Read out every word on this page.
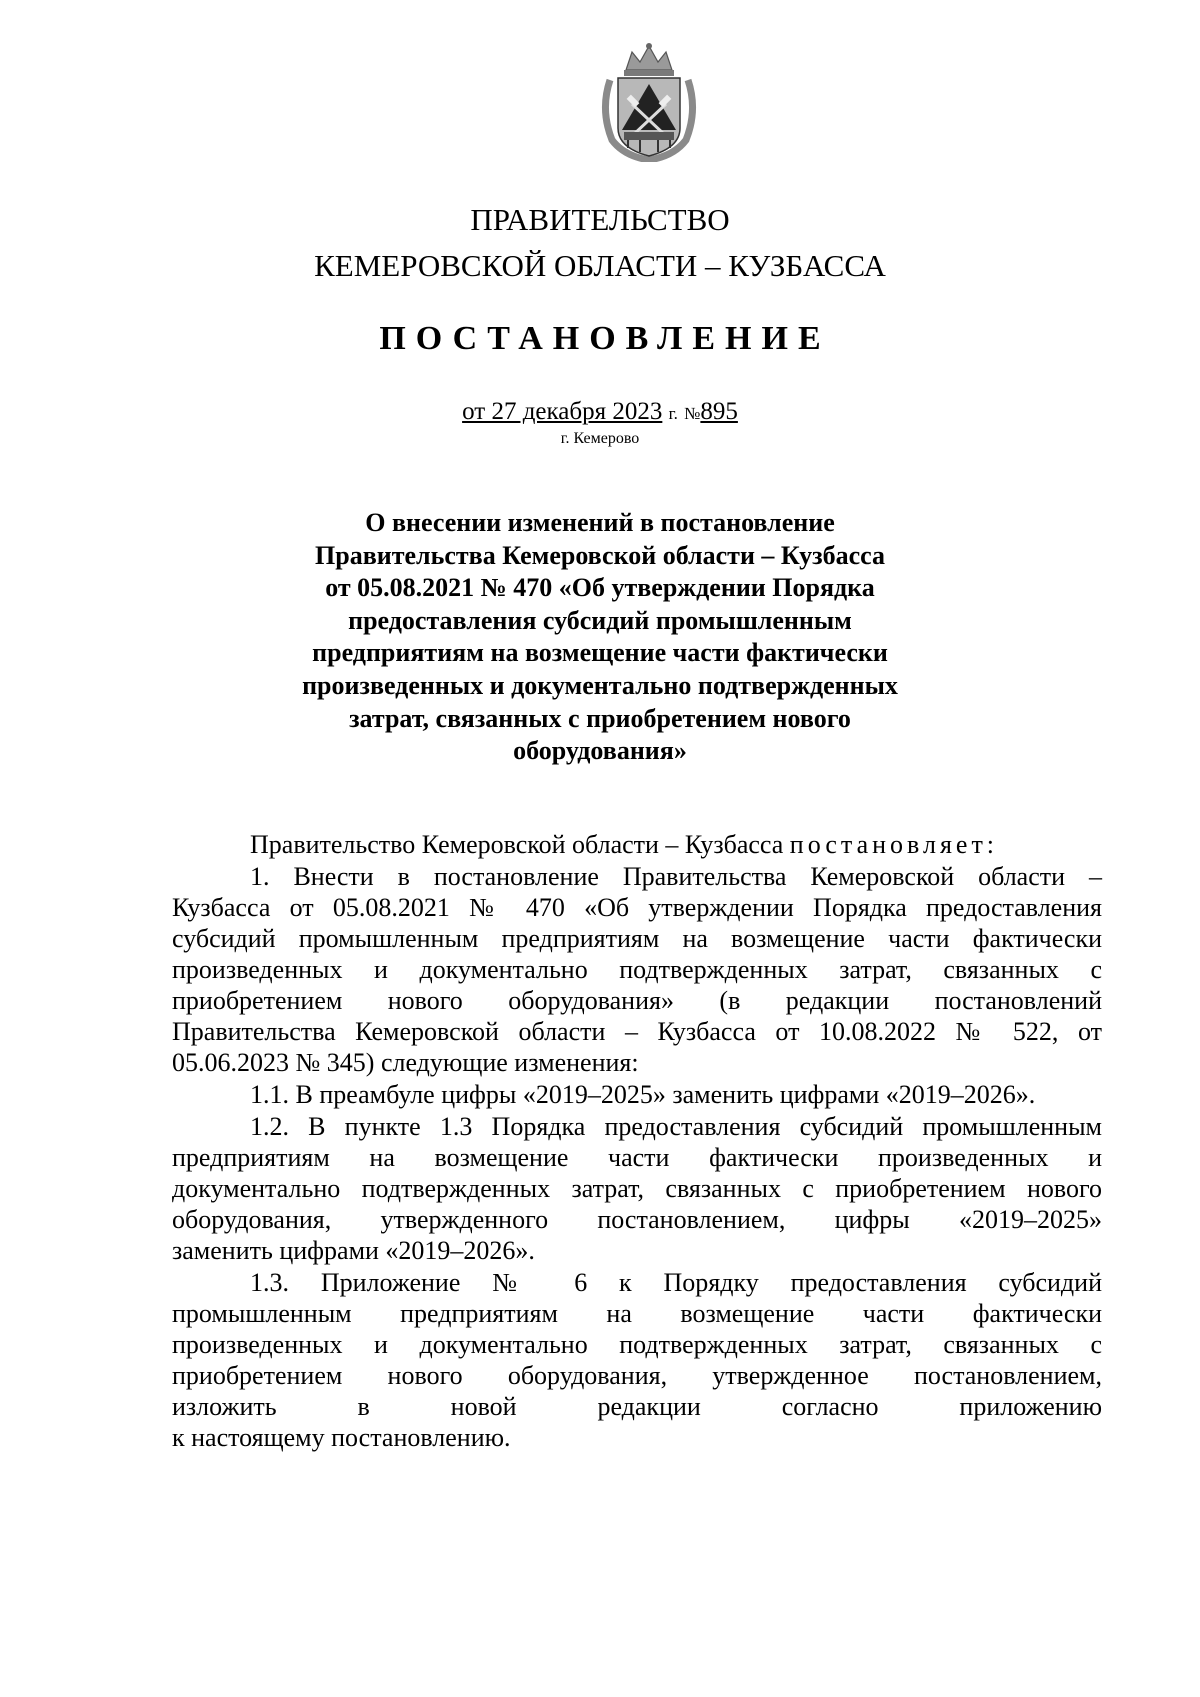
ПРАВИТЕЛЬСТВО
КЕМЕРОВСКОЙ ОБЛАСТИ – КУЗБАССА
ПОСТАНОВЛЕНИЕ
от 27 декабря 2023 г. №895
г. Кемерово
О внесении изменений в постановление
Правительства Кемеровской области – Кузбасса
от 05.08.2021 № 470 «Об утверждении Порядка
предоставления субсидий промышленным
предприятиям на возмещение части фактически
произведенных и документально подтвержденных
затрат, связанных с приобретением нового
оборудования»
Правительство Кемеровской области – Кузбасса постановляет:
1. Внести в постановление Правительства Кемеровской области –
Кузбасса от 05.08.2021 № 470 «Об утверждении Порядка предоставления
субсидий промышленным предприятиям на возмещение части фактически
произведенных и документально подтвержденных затрат, связанных с
приобретением нового оборудования» (в редакции постановлений
Правительства Кемеровской области – Кузбасса от 10.08.2022 № 522, от
05.06.2023 № 345) следующие изменения:
1.1. В преамбуле цифры «2019–2025» заменить цифрами «2019–2026».
1.2. В пункте 1.3 Порядка предоставления субсидий промышленным
предприятиям на возмещение части фактически произведенных и
документально подтвержденных затрат, связанных с приобретением нового
оборудования, утвержденного постановлением, цифры «2019–2025»
заменить цифрами «2019–2026».
1.3. Приложение № 6 к Порядку предоставления субсидий
промышленным предприятиям на возмещение части фактически
произведенных и документально подтвержденных затрат, связанных с
приобретением нового оборудования, утвержденное постановлением,
изложить в новой редакции согласно приложению
к настоящему постановлению.
